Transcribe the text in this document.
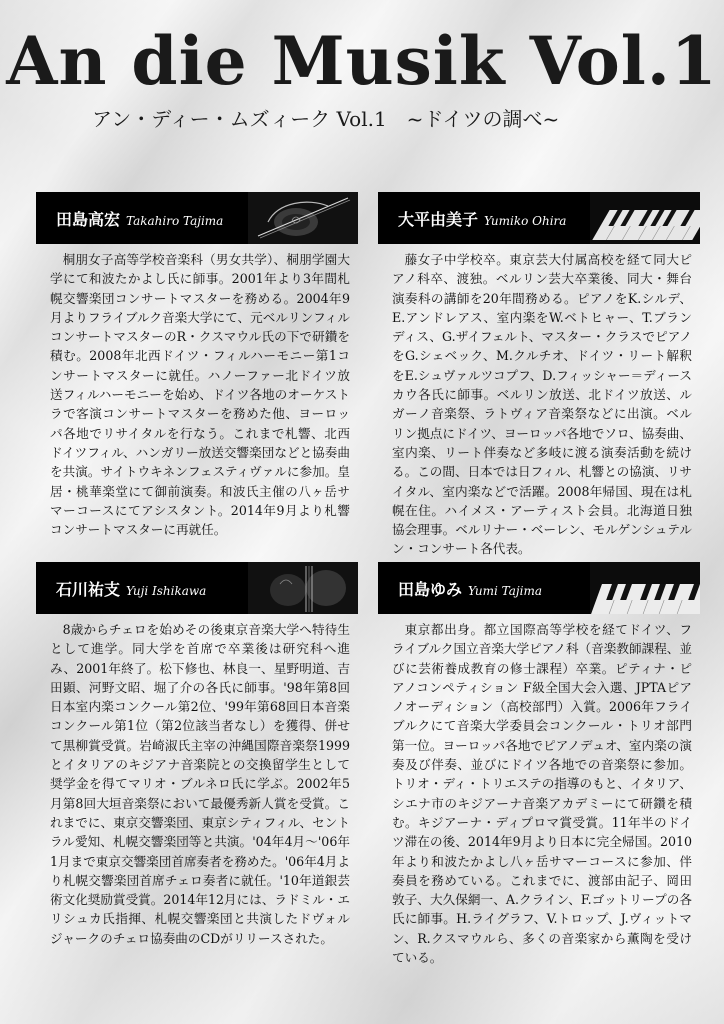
An die Musik Vol.1
アン・ディー・ムズィーク Vol.1　~ドイツの調べ~
田島高宏 Takahiro Tajima
桐朋女子高等学校音楽科（男女共学）、桐朋学園大学にて和波たかよし氏に師事。2001年より3年間札幌交響楽団コンサートマスターを務める。2004年9月よりフライブルク音楽大学にて、元ベルリンフィルコンサートマスターのR・クスマウル氏の下で研鑽を積む。2008年北西ドイツ・フィルハーモニー第1コンサートマスターに就任。ハノーファー北ドイツ放送フィルハーモニーを始め、ドイツ各地のオーケストラで客演コンサートマスターを務めた他、ヨーロッパ各地でリサイタルを行なう。これまで札響、北西ドイツフィル、ハンガリー放送交響楽団などと協奏曲を共演。サイトウキネンフェスティヴァルに参加。皇居・桃華楽堂にて御前演奏。和波氏主催の八ヶ岳サマーコースにてアシスタント。2014年9月より札響コンサートマスターに再就任。
大平由美子 Yumiko Ohira
藤女子中学校卒。東京芸大付属高校を経て同大ピアノ科卒、渡独。ベルリン芸大卒業後、同大・舞台演奏科の講師を20年間務める。ピアノをK.シルデ、E.アンドレアス、室内楽をW.ベトヒャー、T.ブランディス、G.ザイフェルト、マスター・クラスでピアノをG.シェベック、M.クルチオ、ドイツ・リート解釈をE.シュヴァルツコプフ、D.フィッシャー＝ディースカウ各氏に師事。ベルリン放送、北ドイツ放送、ルガーノ音楽祭、ラトヴィア音楽祭などに出演。ベルリン拠点にドイツ、ヨーロッパ各地でソロ、協奏曲、室内楽、リート伴奏など多岐に渡る演奏活動を続ける。この間、日本では日フィル、札響との協演、リサイタル、室内楽などで活躍。2008年帰国、現在は札幌在住。ハイメス・アーティスト会員。北海道日独協会理事。ベルリナー・ベーレン、モルゲンシュテルン・コンサート各代表。
石川祐支 Yuji Ishikawa
8歳からチェロを始めその後東京音楽大学へ特待生として進学。同大学を首席で卒業後は研究科へ進み、2001年終了。松下修也、林良一、星野明道、吉田顕、河野文昭、堀了介の各氏に師事。'98年第8回日本室内楽コンクール第2位、'99年第68回日本音楽コンクール第1位（第2位該当者なし）を獲得、併せて黒柳賞受賞。岩崎淑氏主宰の沖縄国際音楽祭1999とイタリアのキジアナ音楽院との交換留学生として奨学金を得てマリオ・ブルネロ氏に学ぶ。2002年5月第8回大垣音楽祭において最優秀新人賞を受賞。これまでに、東京交響楽団、東京シティフィル、セントラル愛知、札幌交響楽団等と共演。'04年4月～'06年1月まで東京交響楽団首席奏者を務めた。'06年4月より札幌交響楽団首席チェロ奏者に就任。'10年道銀芸術文化奨励賞受賞。2014年12月には、ラドミル・エリシュカ氏指揮、札幌交響楽団と共演したドヴォルジャークのチェロ協奏曲のCDがリリースされた。
田島ゆみ Yumi Tajima
東京都出身。都立国際高等学校を経てドイツ、フライブルク国立音楽大学ピアノ科（音楽教師課程、並びに芸術養成教育の修士課程）卒業。ピティナ・ピアノコンペティション F級全国大会入選、JPTAピアノオーディション（高校部門）入賞。2006年フライブルクにて音楽大学委員会コンクール・トリオ部門第一位。ヨーロッパ各地でピアノデュオ、室内楽の演奏及び伴奏、並びにドイツ各地での音楽祭に参加。トリオ・ディ・トリエステの指導のもと、イタリア、シエナ市のキジアーナ音楽アカデミーにて研鑽を積む。キジアーナ・ディプロマ賞受賞。11年半のドイツ滞在の後、2014年9月より日本に完全帰国。2010年より和波たかよし八ヶ岳サマーコースに参加、伴奏員を務めている。これまでに、渡部由記子、岡田敦子、大久保網一、A.クライン、F.ゴットリープの各氏に師事。H.ライグラフ、V.トロップ、J.ヴィットマン、R.クスマウルら、多くの音楽家から薫陶を受けている。
